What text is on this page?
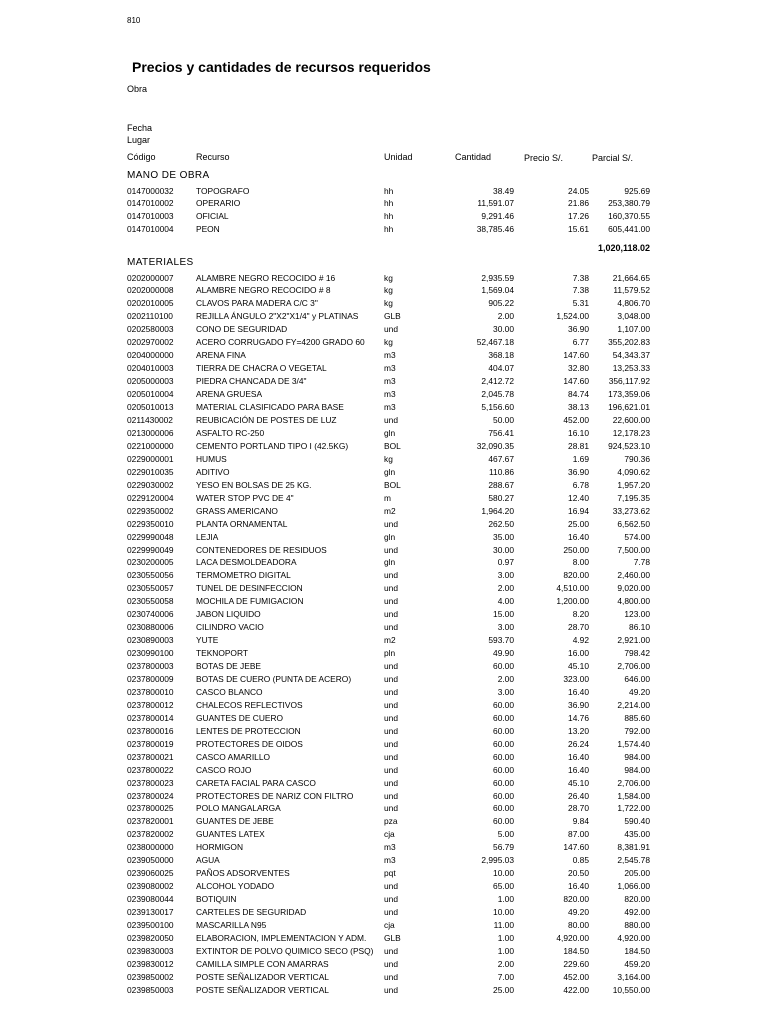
810
Precios y cantidades de recursos requeridos
Obra
Fecha
Lugar
Código	Recurso	Unidad	Cantidad	Precio S/.	Parcial S/.
MANO DE OBRA
0147000032	TOPOGRAFO	hh	38.49	24.05	925.69
0147010002	OPERARIO	hh	11,591.07	21.86 253,380.79
0147010003	OFICIAL	hh	9,291.46	17.26 160,370.55
0147010004	PEON	hh	38,785.46	15.61 605,441.00
1,020,118.02
MATERIALES
0202000007	ALAMBRE NEGRO RECOCIDO # 16	kg	2,935.59	7.38	21,664.65
0202000008	ALAMBRE NEGRO RECOCIDO # 8	kg	1,569.04	7.38	11,579.52
0202010005	CLAVOS PARA MADERA C/C 3"	kg	905.22	5.31	4,806.70
0202110100	REJILLA ÁNGULO 2"X2"X1/4" y PLATINAS	GLB	2.00	1,524.00	3,048.00
0202580003	CONO DE SEGURIDAD	und	30.00	36.90	1,107.00
0202970002	ACERO CORRUGADO FY=4200 GRADO 60 kg	52,467.18	6.77 355,202.83
0204000000	ARENA FINA	m3	368.18	147.60	54,343.37
0204010003	TIERRA DE CHACRA O VEGETAL	m3	404.07	32.80	13,253.33
0205000003	PIEDRA CHANCADA DE 3/4"	m3	2,412.72	147.60 356,117.92
0205010004	ARENA GRUESA	m3	2,045.78	84.74 173,359.06
0205010013	MATERIAL CLASIFICADO PARA BASE	m3	5,156.60	38.13 196,621.01
0211430002	REUBICACIÓN DE POSTES DE LUZ	und	50.00	452.00	22,600.00
0213000006	ASFALTO RC-250	gln	756.41	16.10	12,178.23
0221000000	CEMENTO PORTLAND TIPO I (42.5KG)	BOL	32,090.35	28.81 924,523.10
0229000001	HUMUS	kg	467.67	1.69	790.36
0229010035	ADITIVO	gln	110.86	36.90	4,090.62
0229030002	YESO EN BOLSAS DE 25 KG.	BOL	288.67	6.78	1,957.20
0229120004	WATER STOP PVC DE 4"	m	580.27	12.40	7,195.35
0229350002	GRASS AMERICANO	m2	1,964.20	16.94	33,273.62
0229350010	PLANTA ORNAMENTAL	und	262.50	25.00	6,562.50
0229990048	LEJIA	gln	35.00	16.40	574.00
0229990049	CONTENEDORES DE RESIDUOS	und	30.00	250.00	7,500.00
0230200005	LACA DESMOLDEADORA	gln	0.97	8.00	7.78
0230550056	TERMOMETRO DIGITAL	und	3.00	820.00	2,460.00
0230550057	TUNEL DE DESINFECCION	und	2.00	4,510.00	9,020.00
0230550058	MOCHILA DE FUMIGACION	und	4.00	1,200.00	4,800.00
0230740006	JABON LIQUIDO	und	15.00	8.20	123.00
0230880006	CILINDRO VACIO	und	3.00	28.70	86.10
0230890003	YUTE	m2	593.70	4.92	2,921.00
0230990100	TEKNOPORT	pln	49.90	16.00	798.42
0237800003	BOTAS DE JEBE	und	60.00	45.10	2,706.00
0237800009	BOTAS DE CUERO (PUNTA DE ACERO)	und	2.00	323.00	646.00
0237800010	CASCO BLANCO	und	3.00	16.40	49.20
0237800012	CHALECOS REFLECTIVOS	und	60.00	36.90	2,214.00
0237800014	GUANTES DE CUERO	und	60.00	14.76	885.60
0237800016	LENTES DE PROTECCION	und	60.00	13.20	792.00
0237800019	PROTECTORES DE OIDOS	und	60.00	26.24	1,574.40
0237800021	CASCO AMARILLO	und	60.00	16.40	984.00
0237800022	CASCO ROJO	und	60.00	16.40	984.00
0237800023	CARETA FACIAL PARA CASCO	und	60.00	45.10	2,706.00
0237800024	PROTECTORES DE NARIZ CON FILTRO	und	60.00	26.40	1,584.00
0237800025	POLO MANGALARGA	und	60.00	28.70	1,722.00
0237820001	GUANTES DE JEBE	pza	60.00	9.84	590.40
0237820002	GUANTES LATEX	cja	5.00	87.00	435.00
0238000000	HORMIGON	m3	56.79	147.60	8,381.91
0239050000	AGUA	m3	2,995.03	0.85	2,545.78
0239060025	PAÑOS ADSORVENTES	pqt	10.00	20.50	205.00
0239080002	ALCOHOL YODADO	und	65.00	16.40	1,066.00
0239080044	BOTIQUIN	und	1.00	820.00	820.00
0239130017	CARTELES DE SEGURIDAD	und	10.00	49.20	492.00
0239500100	MASCARILLA N95	cja	11.00	80.00	880.00
0239820050	ELABORACION, IMPLEMENTACION Y ADM. GLB	1.00	4,920.00	4,920.00
0239830003	EXTINTOR DE POLVO QUIMICO SECO (PSQ) und	1.00	184.50	184.50
0239830012	CAMILLA SIMPLE CON AMARRAS	und	2.00	229.60	459.20
0239850002	POSTE SEÑALIZADOR VERTICAL	und	7.00	452.00	3,164.00
0239850003	POSTE SEÑALIZADOR VERTICAL	und	25.00	422.00	10,550.00
